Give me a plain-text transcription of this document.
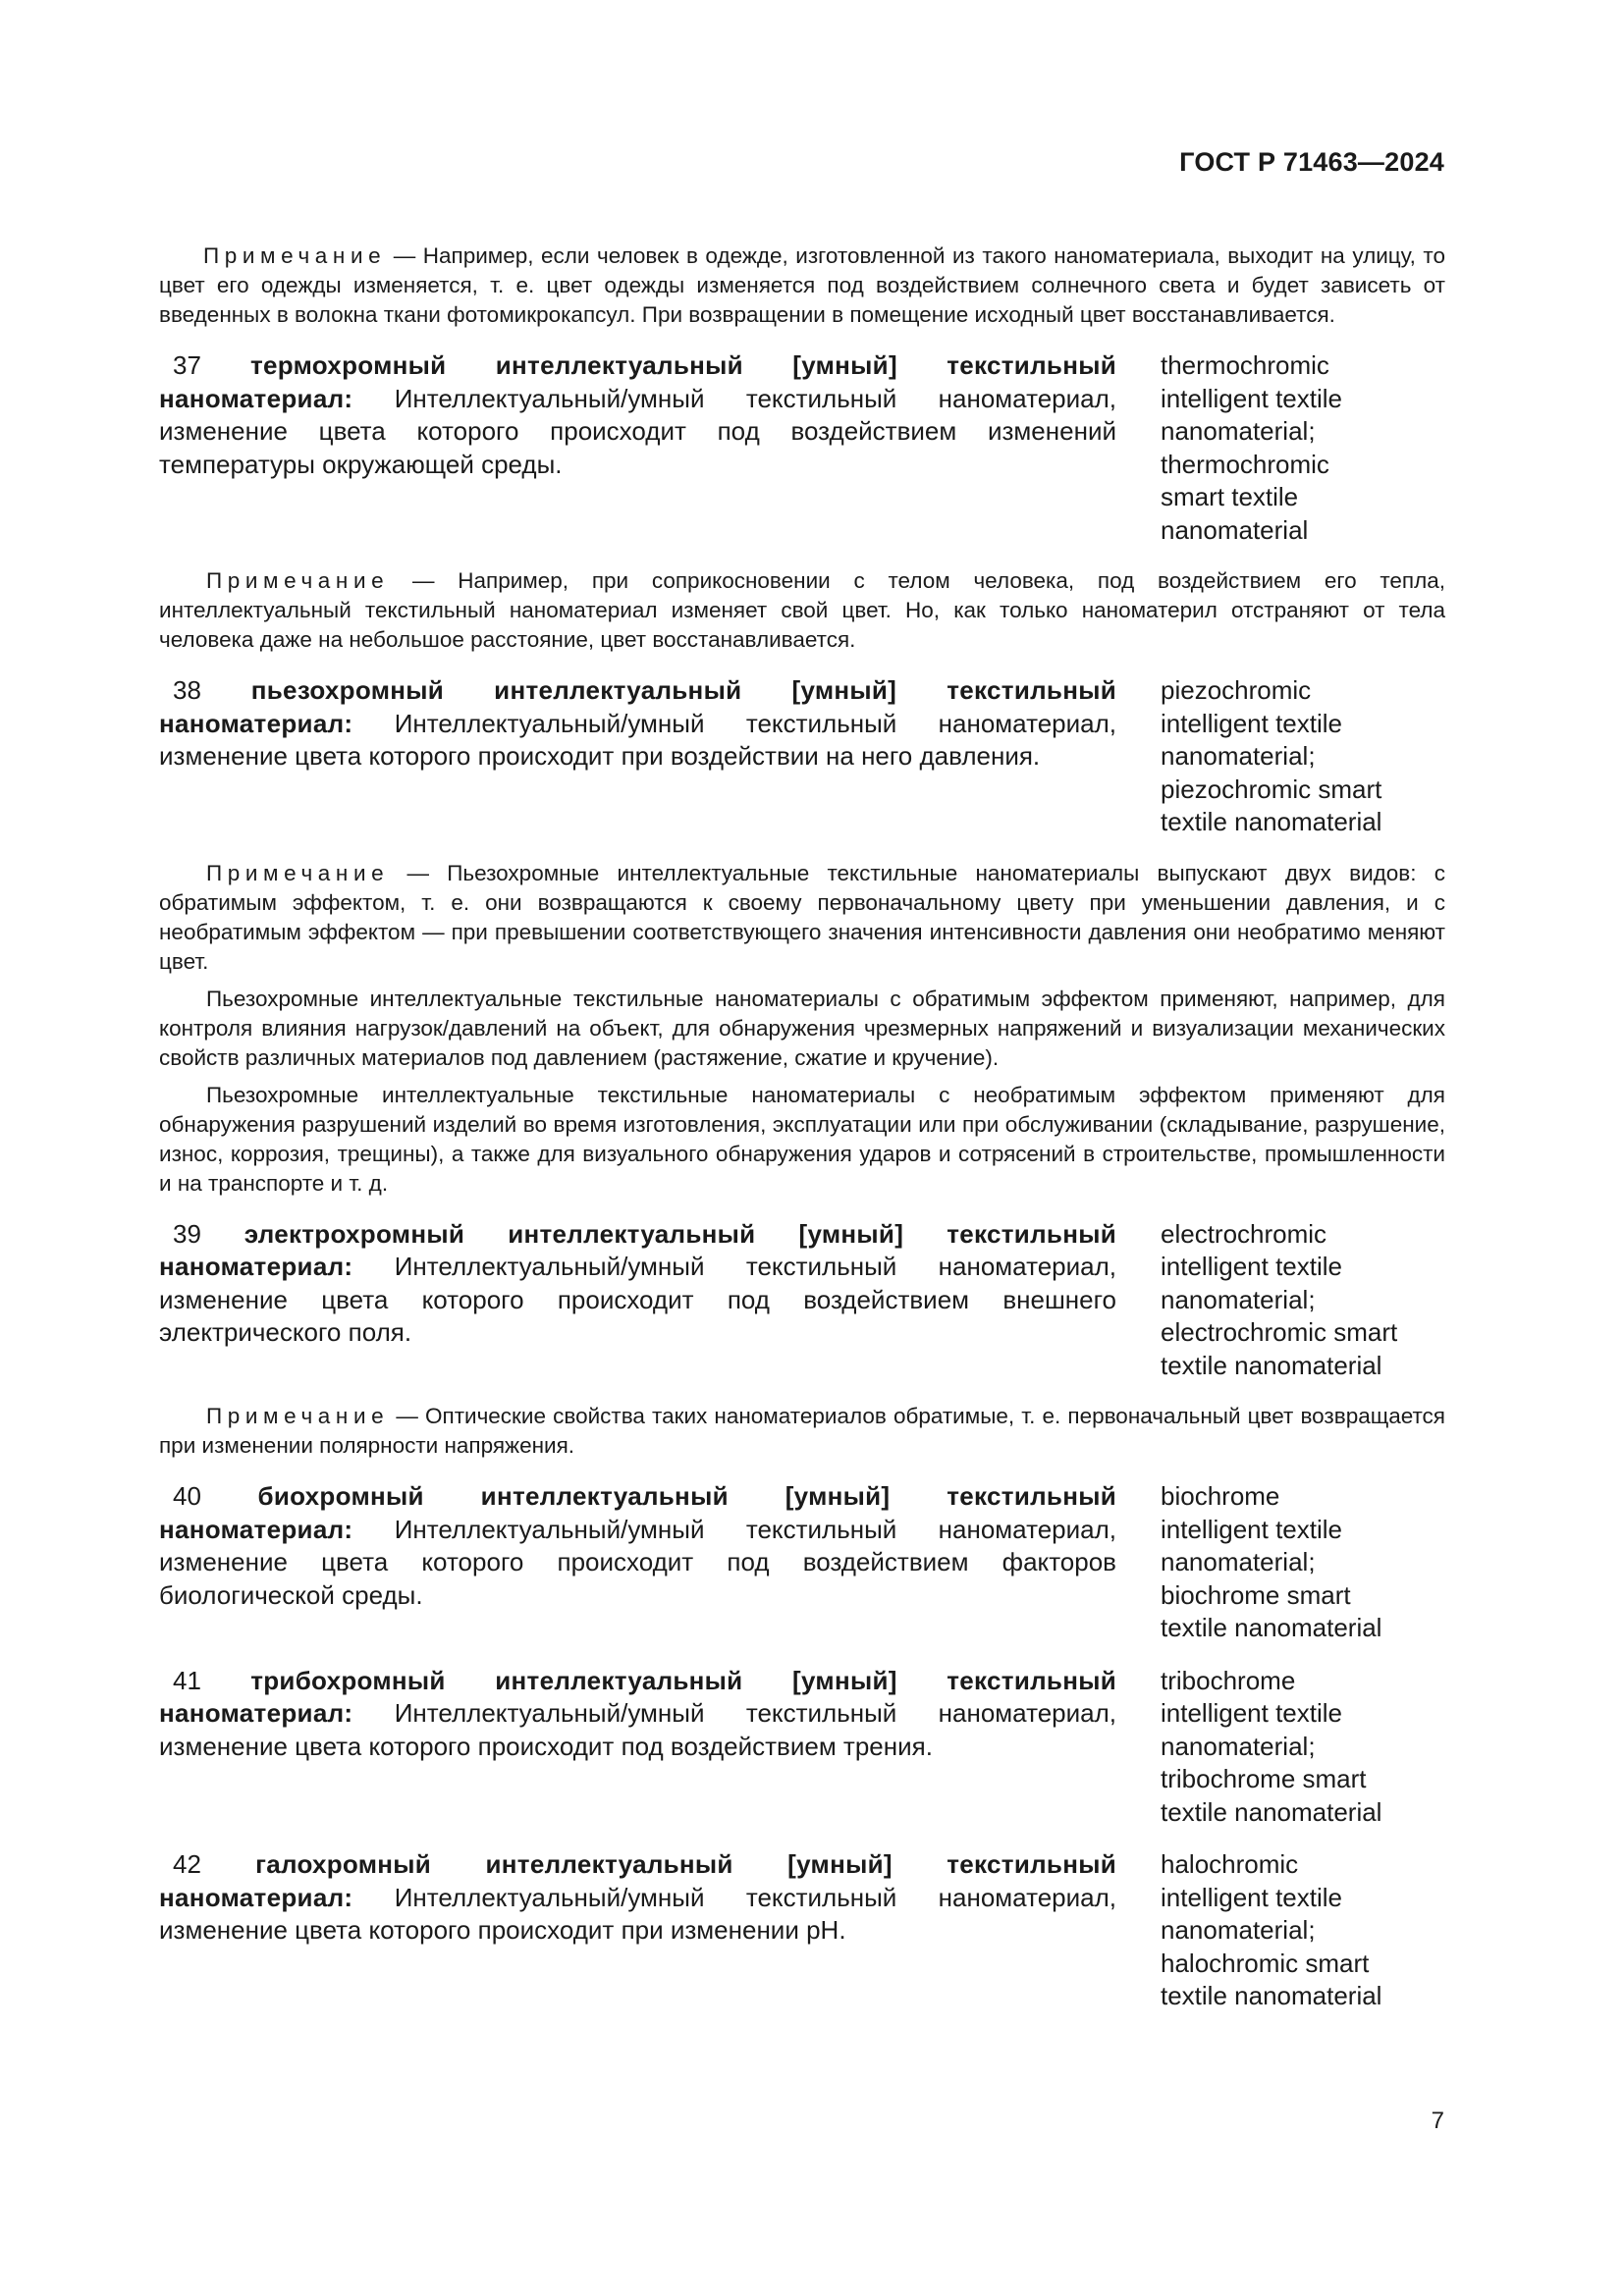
ГОСТ Р 71463—2024

Примечание — Например, если человек в одежде, изготовленной из такого наноматериала, выходит на улицу, то цвет его одежды изменяется, т. е. цвет одежды изменяется под воздействием солнечного света и будет зависеть от введенных в волокна ткани фотомикрокапсул. При возвращении в помещение исходный цвет восстанавливается.

37 термохромный интеллектуальный [умный] текстильный наноматериал: Интеллектуальный/умный текстильный наноматериал, изменение цвета которого происходит под воздействием изменений температуры окружающей среды.

thermochromic
intelligent textile
nanomaterial;
thermochromic
smart textile
nanomaterial

Примечание — Например, при соприкосновении с телом человека, под воздействием его тепла, интеллектуальный текстильный наноматериал изменяет свой цвет. Но, как только наноматерил отстраняют от тела человека даже на небольшое расстояние, цвет восстанавливается.

38 пьезохромный интеллектуальный [умный] текстильный наноматериал: Интеллектуальный/умный текстильный наноматериал, изменение цвета которого происходит при воздействии на него давления.

piezochromic
intelligent textile
nanomaterial;
piezochromic smart
textile nanomaterial

Примечание — Пьезохромные интеллектуальные текстильные наноматериалы выпускают двух видов: с обратимым эффектом, т. е. они возвращаются к своему первоначальному цвету при уменьшении давления, и с необратимым эффектом — при превышении соответствующего значения интенсивности давления они необратимо меняют цвет.

Пьезохромные интеллектуальные текстильные наноматериалы с обратимым эффектом применяют, например, для контроля влияния нагрузок/давлений на объект, для обнаружения чрезмерных напряжений и визуализации механических свойств различных материалов под давлением (растяжение, сжатие и кручение).

Пьезохромные интеллектуальные текстильные наноматериалы с необратимым эффектом применяют для обнаружения разрушений изделий во время изготовления, эксплуатации или при обслуживании (складывание, разрушение, износ, коррозия, трещины), а также для визуального обнаружения ударов и сотрясений в строительстве, промышленности и на транспорте и т. д.

39 электрохромный интеллектуальный [умный] текстильный наноматериал: Интеллектуальный/умный текстильный наноматериал, изменение цвета которого происходит под воздействием внешнего электрического поля.

electrochromic
intelligent textile
nanomaterial;
electrochromic smart
textile nanomaterial

Примечание — Оптические свойства таких наноматериалов обратимые, т. е. первоначальный цвет возвращается при изменении полярности напряжения.

40 биохромный интеллектуальный [умный] текстильный наноматериал: Интеллектуальный/умный текстильный наноматериал, изменение цвета которого происходит под воздействием факторов биологической среды.

biochrome
intelligent textile
nanomaterial;
biochrome smart
textile nanomaterial

41 трибохромный интеллектуальный [умный] текстильный наноматериал: Интеллектуальный/умный текстильный наноматериал, изменение цвета которого происходит под воздействием трения.

tribochrome
intelligent textile
nanomaterial;
tribochrome smart
textile nanomaterial

42 галохромный интеллектуальный [умный] текстильный наноматериал: Интеллектуальный/умный текстильный наноматериал, изменение цвета которого происходит при изменении pH.

halochromic
intelligent textile
nanomaterial;
halochromic smart
textile nanomaterial
7
